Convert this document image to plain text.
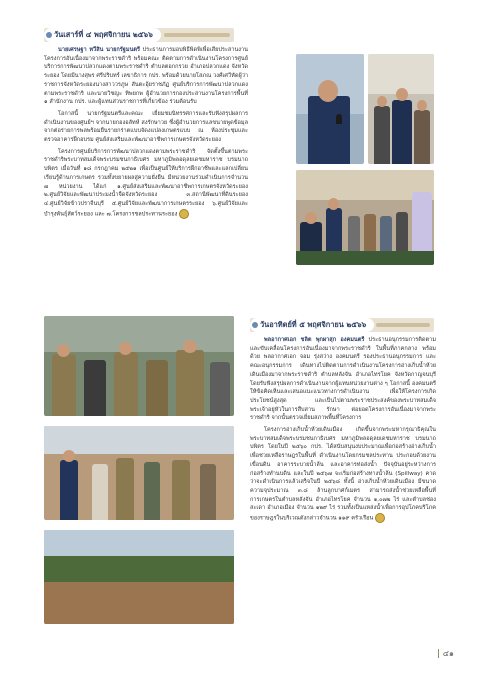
วันเสาร์ที่ ๔ พฤศจิกายน ๒๕๖๖

นายเศรษฐา ทวีสิน นายกรัฐมนตรี ประธานการมอบพิธีพิดพิเพื่อเสียประสานงานโครงการอันเนื่องมาจากพระราชดำริ พร้อมคณะ ติดตามการดำเนินงานโครงการศูนย์บริการการพัฒนาปลวกแดงตามพระราชดำริ ตำบลตอกกรวย อำเภอปลวกแดง จังหวัดระยอง โดยมีนางสุพร ศรีปริบทร์ เลขาธิการ กปร. พร้อมด้วยนายโสภณ วงศ์เศวีหัดผู้ว่าราชการจังหวัดระยองนางสาววรภูษ สันตะอุ้ยราชภัฏ ศูนย์บริการการพัฒนาปลวกแดงตามพระราชดำริ และนายวิชญะ ทิพยกพ ผู้อำนวยการกองประสานงานโครงการพื้นที่ ๑ สำนักงาน กปร. และผู้แทนส่วนราชการที่เกี่ยวข้อง ร่วมต้อนรับ

โอกาสนี้ นายกรัฐมนตรีและคณะ เยี่ยมชมนิทรรศการและรับฟังสรุปผลการดำเนินงานของศูนย์ฯ จากนายกองอลัทห์ สงรักษาวย ซึ่งผู้อำนวยการแลขนายพูดข้อมุลจากต่อร่ายการพลพร้อมยืนรายกร่าตแบบจัดงแปลงเกษตรแบบ ณ ห้องประชุมและตรวจอาคารฝึกอบรม ศูนย์ส่งเสริมและพัฒนาอาชีพการเกษตรจังหวัดระยอง

โครงการศูนย์บริการการพัฒนาปลวกแดงตามพระราชดำริ จัดตั้งขึ้นตามพระราชดำริพระบาทสมเด็จพระบรมชนกาธิเบศร มหาภูมิพลอดุลยเดชมหาราช บรมนาถบพิตร เมื่อวันที่ ๑๘ กรกฎาคม ๒๕๒๑ เพื่อเป็นศูนย์ให้บริการฝึกอาชีพและแลกเปลี่ยนเรียนรู้ด้านการเกษตร รวมทั้งขยายผลสู่ความยั่งยืน มีหน่วยงานร่วมดำเนินการจำนวน ๗ หน่วยงาน ได้แก่ ๑.ศูนย์ส่งเสริมและพัฒนาอาชีพการเกษตรจังหวัดระยอง ๒.ศูนย์วิจัยและพัฒนาประมงน้ำจืดจังหวัดระยอง ๓.สถานีพัฒนาที่ดินระยอง ๔.ศูนย์วิจัยข้าวปราจีนบุรี ๕.ศูนย์วิจัยและพัฒนาการเกษตรระยอง ๖.ศูนย์วิจัยและบำรุงพันธุ์สัตว์ระยอง และ ๗.โครงการชลประทานระยอง

วันอาทิตย์ที่ ๕ พฤศจิกายน ๒๕๖๖

พลอากาศเอก ชลิต พุกผาสุก องคมนตรี ประธานอนุกรรมการติดตามและขับเคลื่อนโครงการอันเนื่องมาจากพระราชดำริ ในพื้นที่ภาคกลาง พร้อมด้วย พลอากาศเอก จอม รุ่งสว่าง องคมนตรี รองประธานอนุกรรมการ และคณะอนุกรรมการ เดินทางไปติดตามการดำเนินงานโครงการอ่างเก็บน้ำห้วยเดินเมืองมาจากพระราชดำริ ตำบลหลังจัน อำเภอไทรโยค จังหวัดกาญจนบุรี โดยรับฟังสรุปผลการดำเนินงานจากผู้แทนหน่วยงานต่าง ๆ โอกาสนี้ องคมนตรีให้ข้อคิดเห็นและเสนอแนะแนวทางการดำเนินงาน เพื่อให้โครงการเกิดประโยชน์สูงสุด และเป็นไปตามพระราชประสงค์ของพระบาทสมเด็จพระเจ้าอยู่หัวในการสืบสาน รักษา ต่อยอดโครงการอันเนื่องมาจากพระราชดำริ จากนั้นตรวจเยี่ยมสภาพพื้นที่โครงการ

โครงการอ่างเก็บน้ำห้วยเดินเมือง เกิดขึ้นจากพระมหากรุณาธิคุณในพระบาทสมเด็จพระบรมชนกาธิเบศร มหาภูมิพลอดุลยเดชมหาราช บรมนาถบพิตร โดยในปี ๒๕๖๐ กปร. ได้สนับสนุนงบประมาณเพื่อก่อสร้างอ่างเก็บน้ำ เพื่อช่วยเหลือราษฎรในพื้นที่ ดำเนินงานโดยกรมชลประทาน ประกอบด้วยงานเขื่อนดิน อาคารระบายน้ำล้น และอาคารท่อส่งน้ำ ปัจจุบันอยู่ระหว่างการก่อสร้างทำนบดิน และในปี ๒๕๖๗ จะเริ่มก่อสร้างทางน้ำล้น (Spillway) คาดว่าจะดำเนินการแล้วเสร็จในปี ๒๕๖๘ ทั้งนี้ อ่างเก็บน้ำห้วยเดินเมือง มีขนาดความจุประมาณ ๓.๘ ล้านลูกบาศก์เมตร สามารถส่งน้ำช่วยเหลือพื้นที่การเกษตรในตำบลหลังจัน อำเภอไทรโยค จำนวน ๑,๐๗๒ ไร่ และตำบลช่องสะเดา อำเภอเมือง จำนวน ๑๒๙ ไร่ รวมทั้งเป็นแหล่งน้ำเพื่อการอุปโภคบริโภคของราษฎรในบริเวณดังกล่าวจำนวน ๑๑๙ ครัวเรือน

๔๑
